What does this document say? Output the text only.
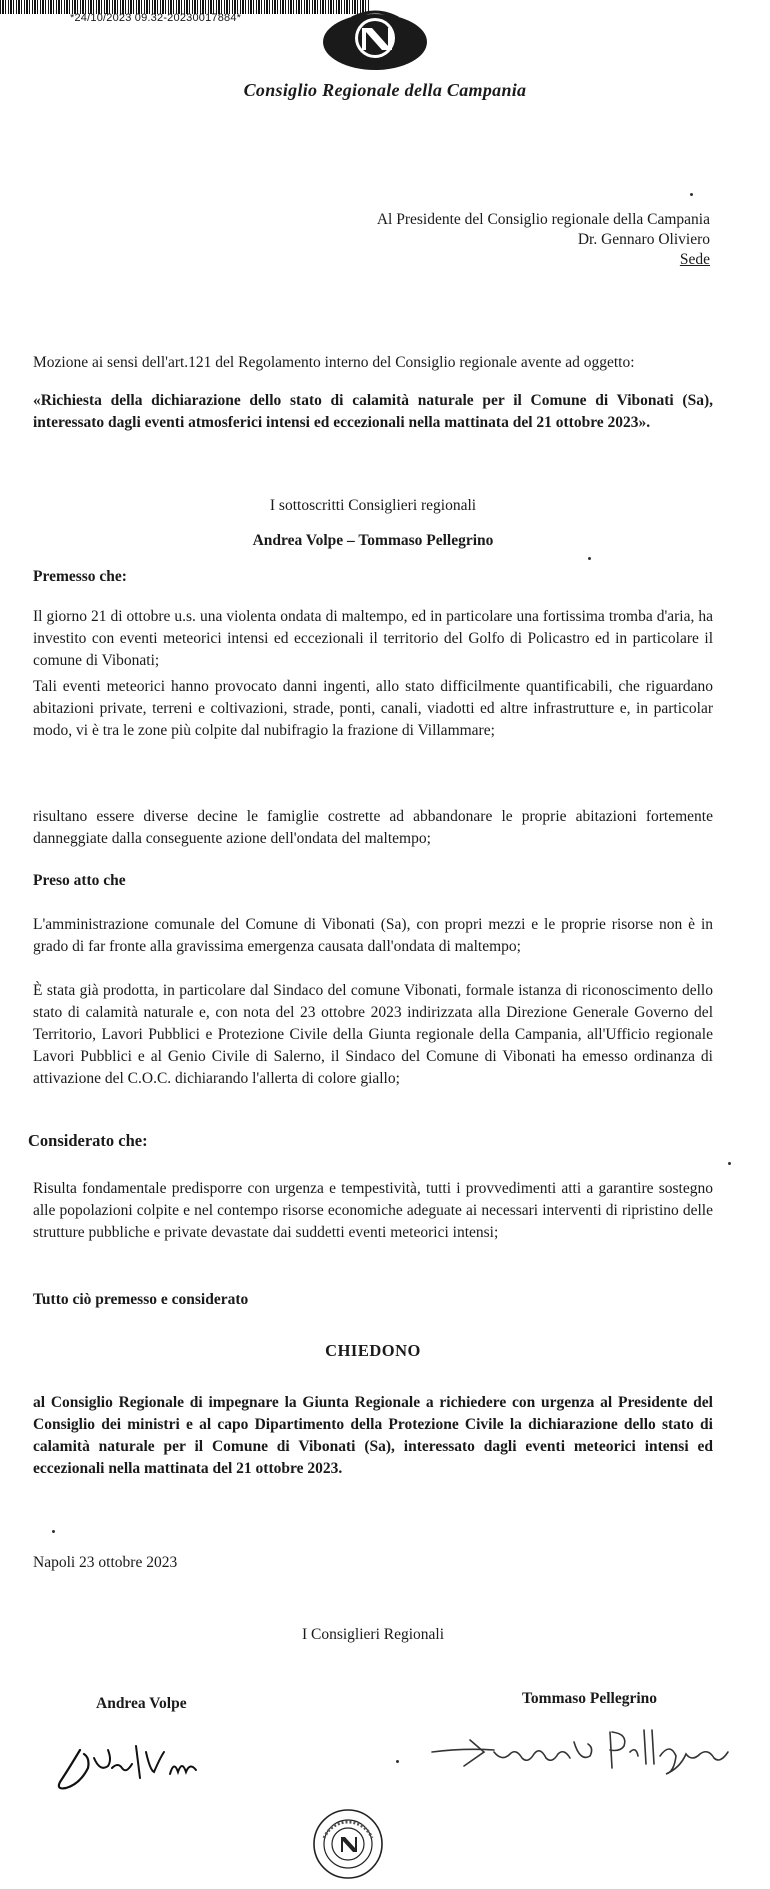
*24/10/2023 09.32-20230017884*
Consiglio Regionale della Campania
Al Presidente del Consiglio regionale della Campania
Dr. Gennaro Oliviero
Sede
Mozione ai sensi dell'art.121 del Regolamento interno del Consiglio regionale avente ad oggetto:
«Richiesta della dichiarazione dello stato di calamità naturale per il Comune di Vibonati (Sa), interessato dagli eventi atmosferici intensi ed eccezionali nella mattinata del 21 ottobre 2023».
I sottoscritti Consiglieri regionali
Andrea Volpe – Tommaso Pellegrino
Premesso che:
Il giorno 21 di ottobre u.s. una violenta ondata di maltempo, ed in particolare una fortissima tromba d'aria, ha investito con eventi meteorici intensi ed eccezionali il territorio del Golfo di Policastro ed in particolare il comune di Vibonati;
Tali eventi meteorici hanno provocato danni ingenti, allo stato difficilmente quantificabili, che riguardano abitazioni private, terreni e coltivazioni, strade, ponti, canali, viadotti ed altre infrastrutture e, in particolar modo, vi è tra le zone più colpite dal nubifragio la frazione di Villammare;
risultano essere diverse decine le famiglie costrette ad abbandonare le proprie abitazioni fortemente danneggiate dalla conseguente azione dell'ondata del maltempo;
Preso atto che
L'amministrazione comunale del Comune di Vibonati (Sa), con propri mezzi e le proprie risorse non è in grado di far fronte alla gravissima emergenza causata dall'ondata di maltempo;
È stata già prodotta, in particolare dal Sindaco del comune Vibonati, formale istanza di riconoscimento dello stato di calamità naturale e, con nota del 23 ottobre 2023 indirizzata alla Direzione Generale Governo del Territorio, Lavori Pubblici e Protezione Civile della Giunta regionale della Campania, all'Ufficio regionale Lavori Pubblici e al Genio Civile di Salerno, il Sindaco del Comune di Vibonati ha emesso ordinanza di attivazione del C.O.C. dichiarando l'allerta di colore giallo;
Considerato che:
Risulta fondamentale predisporre con urgenza e tempestività, tutti i provvedimenti atti a garantire sostegno alle popolazioni colpite e nel contempo risorse economiche adeguate ai necessari interventi di ripristino delle strutture pubbliche e private devastate dai suddetti eventi meteorici intensi;
Tutto ciò premesso e considerato
CHIEDONO
al Consiglio Regionale di impegnare la Giunta Regionale a richiedere con urgenza al Presidente del Consiglio dei ministri e al capo Dipartimento della Protezione Civile la dichiarazione dello stato di calamità naturale per il Comune di Vibonati (Sa), interessato dagli eventi meteorici intensi ed eccezionali nella mattinata del 21 ottobre 2023.
Napoli 23 ottobre 2023
I Consiglieri Regionali
Andrea Volpe	Tommaso Pellegrino
